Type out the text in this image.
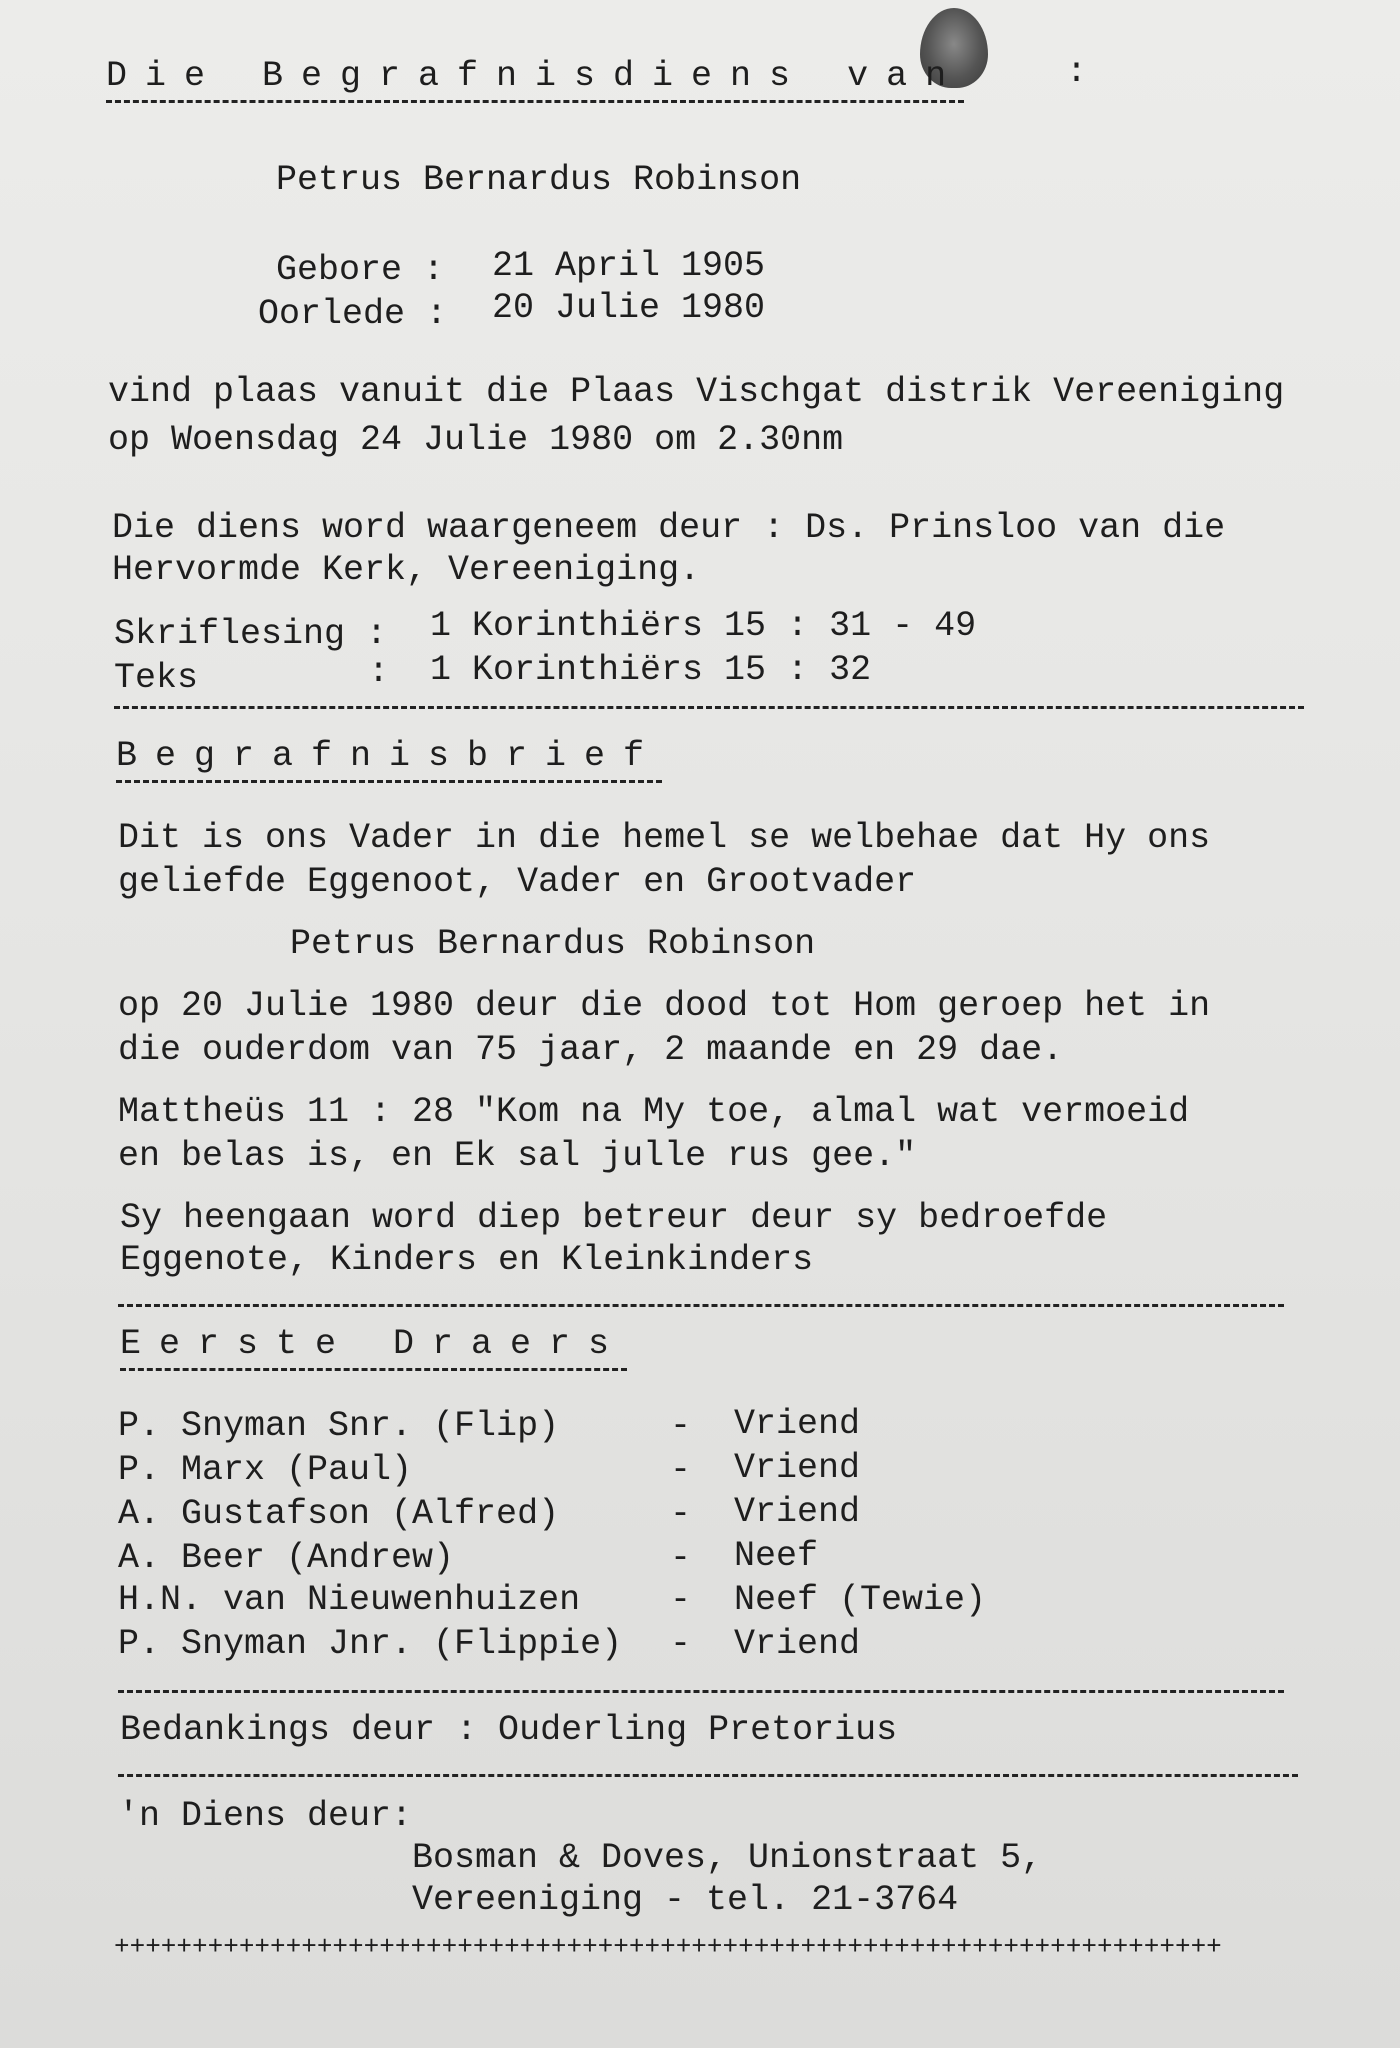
Die Begrafnisdiens van	:
Petrus Bernardus Robinson
Gebore : 21 April 1905
Oorlede : 20 Julie 1980
vind plaas vanuit die Plaas Vischgat distrik Vereeniging
op Woensdag 24 Julie 1980 om 2.30nm
Die diens word waargeneem deur : Ds. Prinsloo van die
Hervormde Kerk, Vereeniging.
Skriflesing : 1 Korinthiërs 15 : 31 - 49
Teks	: 1 Korinthiërs 15 : 32
Begrafnisbrief
Dit is ons Vader in die hemel se welbehae dat Hy ons
geliefde Eggenoot, Vader en Grootvader
Petrus Bernardus Robinson
op 20 Julie 1980 deur die dood tot Hom geroep het in
die ouderdom van 75 jaar, 2 maande en 29 dae.
Mattheüs 11 : 28 "Kom na My toe, almal wat vermoeid
en belas is, en Ek sal julle rus gee."
Sy heengaan word diep betreur deur sy bedroefde
Eggenote, Kinders en Kleinkinders
Eerste Draers
P. Snyman Snr. (Flip)	- Vriend
P. Marx (Paul)	- Vriend
A. Gustafson (Alfred)	- Vriend
A. Beer (Andrew)	- Neef
H.N. van Nieuwenhuizen	- Neef (Tewie)
P. Snyman Jnr. (Flippie) - Vriend
Bedankings deur : Ouderling Pretorius
'n Diens deur:
Bosman & Doves, Unionstraat 5,
Vereeniging - tel. 21-3764
+++++++++++++++++++++++++++++++++++++++++++++++++++++++++++++++++++++++
